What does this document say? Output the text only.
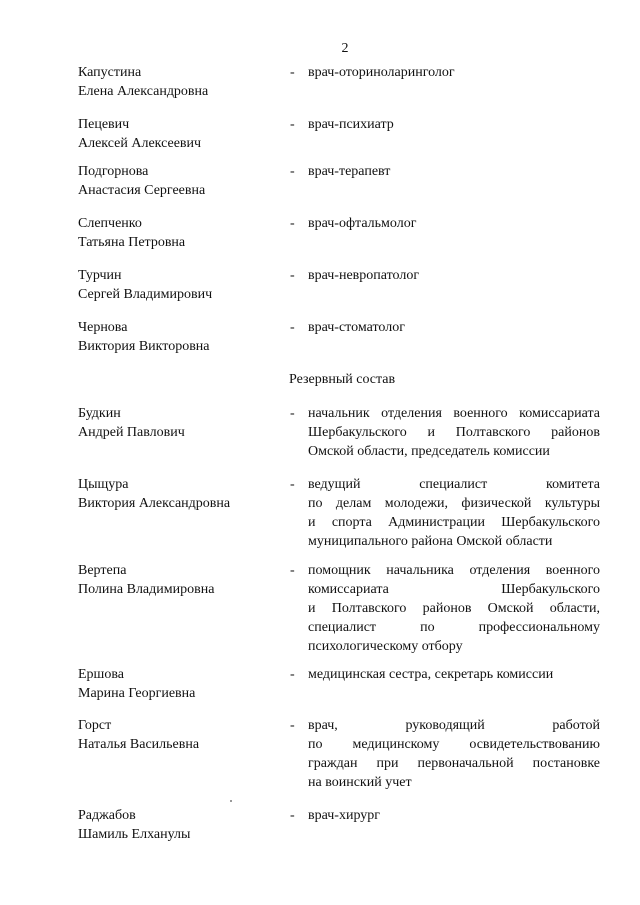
2
Капустина
Елена Александровна
- врач-оториноларинголог
Пецевич
Алексей Алексеевич
- врач-психиатр
Подгорнова
Анастасия Сергеевна
- врач-терапевт
Слепченко
Татьяна Петровна
- врач-офтальмолог
Турчин
Сергей Владимирович
- врач-невропатолог
Чернова
Виктория Викторовна
- врач-стоматолог
Резервный состав
Будкин
Андрей Павлович
- начальник отделения военного комиссариата
Шербакульского и Полтавского районов
Омской области, председатель комиссии
Цыщура
Виктория Александровна
- ведущий специалист комитета
по делам молодежи, физической культуры
и спорта Администрации Шербакульского
муниципального района Омской области
Вертепа
Полина Владимировна
- помощник начальника отделения военного
комиссариата Шербакульского
и Полтавского районов Омской области,
специалист по профессиональному
психологическому отбору
Ершова
Марина Георгиевна
- медицинская сестра, секретарь комиссии
Горст
Наталья Васильевна
- врач, руководящий работой
по медицинскому освидетельствованию
граждан при первоначальной постановке
на воинский учет
Раджабов
Шамиль Елханулы
- врач-хирург
